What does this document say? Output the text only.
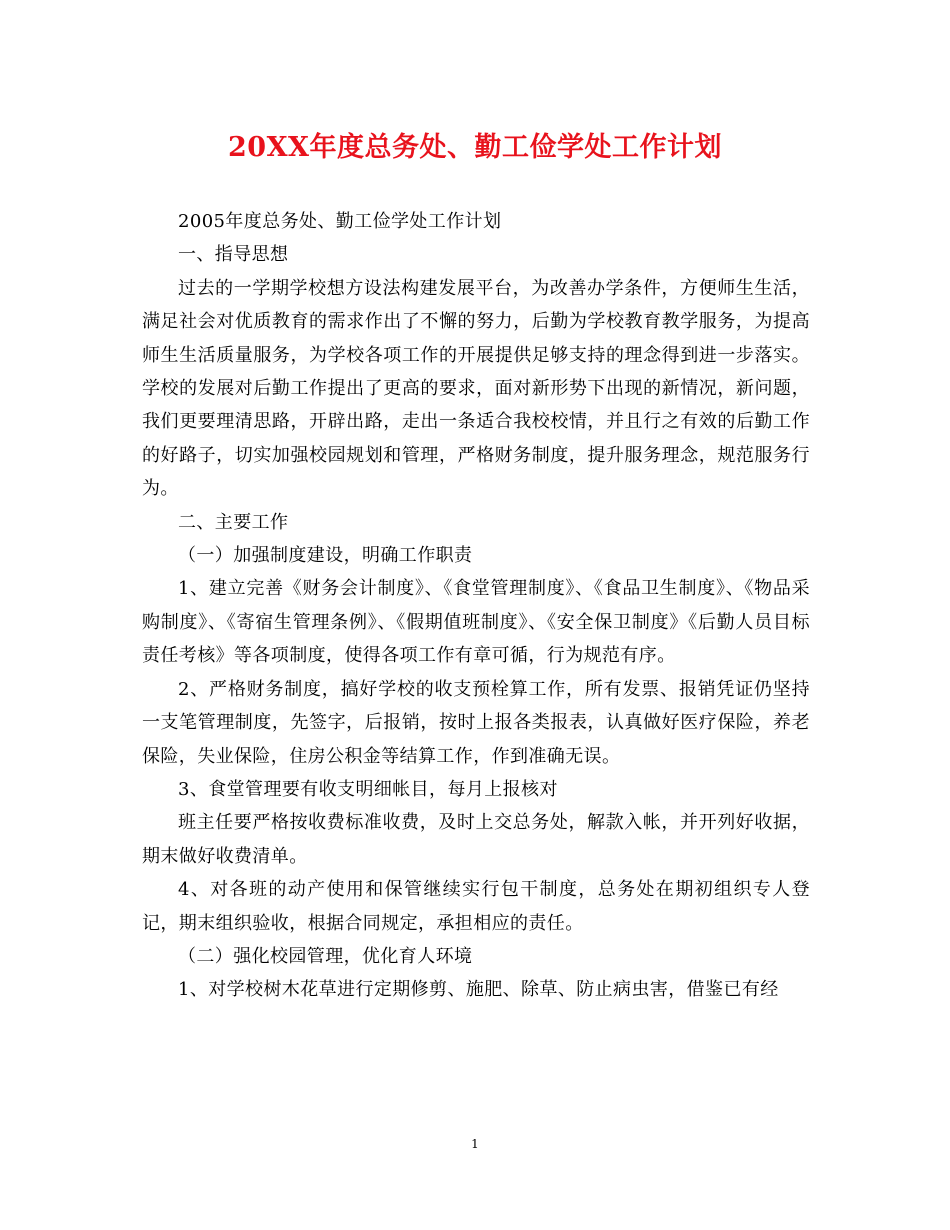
20XX年度总务处、勤工俭学处工作计划

2005年度总务处、勤工俭学处工作计划

一、指导思想

过去的一学期学校想方设法构建发展平台，为改善办学条件，方便师生生活，满足社会对优质教育的需求作出了不懈的努力，后勤为学校教育教学服务，为提高师生生活质量服务，为学校各项工作的开展提供足够支持的理念得到进一步落实。学校的发展对后勤工作提出了更高的要求，面对新形势下出现的新情况，新问题，我们更要理清思路，开辟出路，走出一条适合我校校情，并且行之有效的后勤工作的好路子，切实加强校园规划和管理，严格财务制度，提升服务理念，规范服务行为。

二、主要工作

（一）加强制度建设，明确工作职责

1、建立完善《财务会计制度》、《食堂管理制度》、《食品卫生制度》、《物品采购制度》、《寄宿生管理条例》、《假期值班制度》、《安全保卫制度》《后勤人员目标责任考核》等各项制度，使得各项工作有章可循，行为规范有序。

2、严格财务制度，搞好学校的收支预栓算工作，所有发票、报销凭证仍坚持一支笔管理制度，先签字，后报销，按时上报各类报表，认真做好医疗保险，养老保险，失业保险，住房公积金等结算工作，作到准确无误。

3、食堂管理要有收支明细帐目，每月上报核对

班主任要严格按收费标准收费，及时上交总务处，解款入帐，并开列好收据，期末做好收费清单。

4、对各班的动产使用和保管继续实行包干制度，总务处在期初组织专人登记，期末组织验收，根据合同规定，承担相应的责任。

（二）强化校园管理，优化育人环境

1、对学校树木花草进行定期修剪、施肥、除草、防止病虫害，借鉴已有经

1
